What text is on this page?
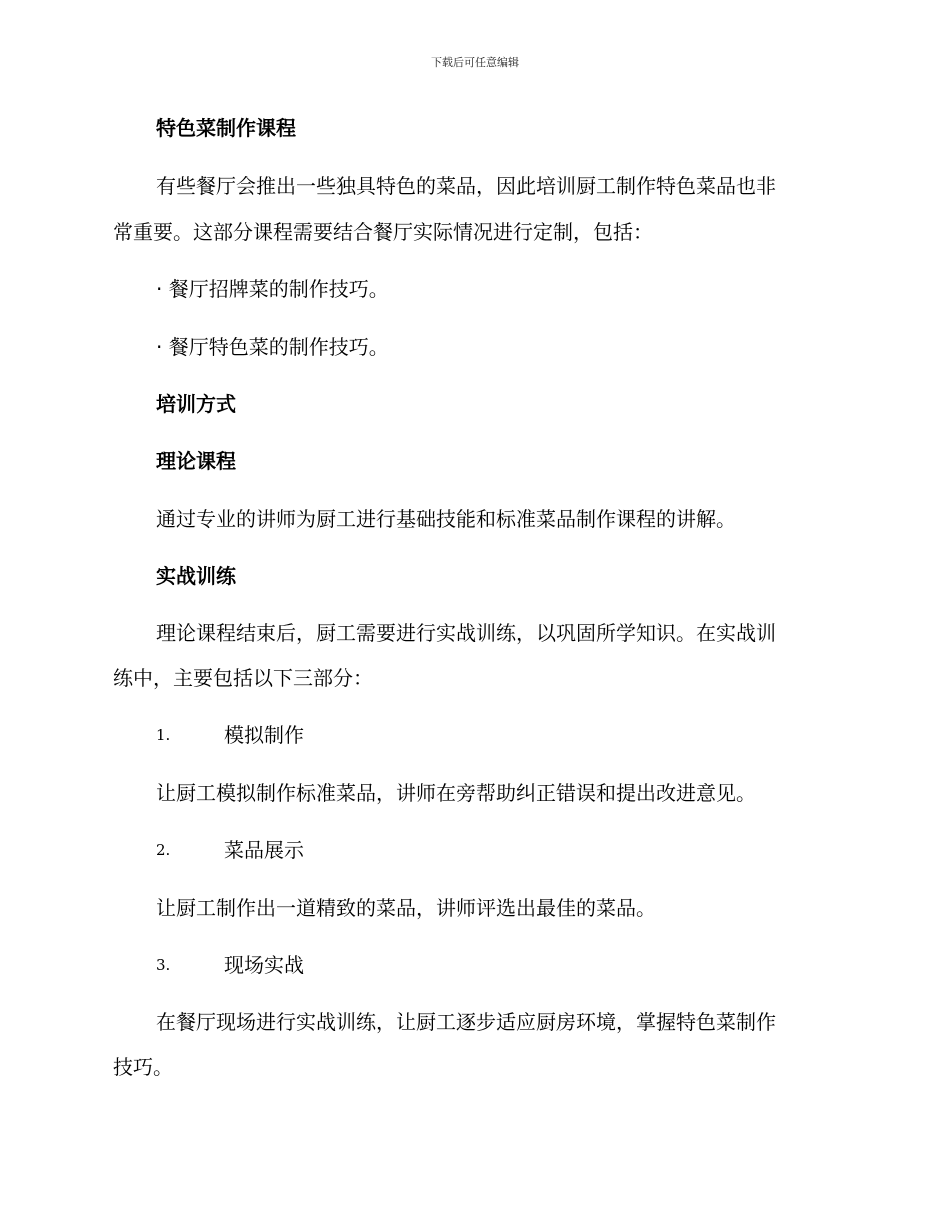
下载后可任意编辑
特色菜制作课程
有些餐厅会推出一些独具特色的菜品，因此培训厨工制作特色菜品也非
常重要。这部分课程需要结合餐厅实际情况进行定制，包括：
· 餐厅招牌菜的制作技巧。
· 餐厅特色菜的制作技巧。
培训方式
理论课程
通过专业的讲师为厨工进行基础技能和标准菜品制作课程的讲解。
实战训练
理论课程结束后，厨工需要进行实战训练，以巩固所学知识。在实战训
练中，主要包括以下三部分：
1.	模拟制作
让厨工模拟制作标准菜品，讲师在旁帮助纠正错误和提出改进意见。
2.	菜品展示
让厨工制作出一道精致的菜品，讲师评选出最佳的菜品。
3.	现场实战
在餐厅现场进行实战训练，让厨工逐步适应厨房环境，掌握特色菜制作
技巧。
